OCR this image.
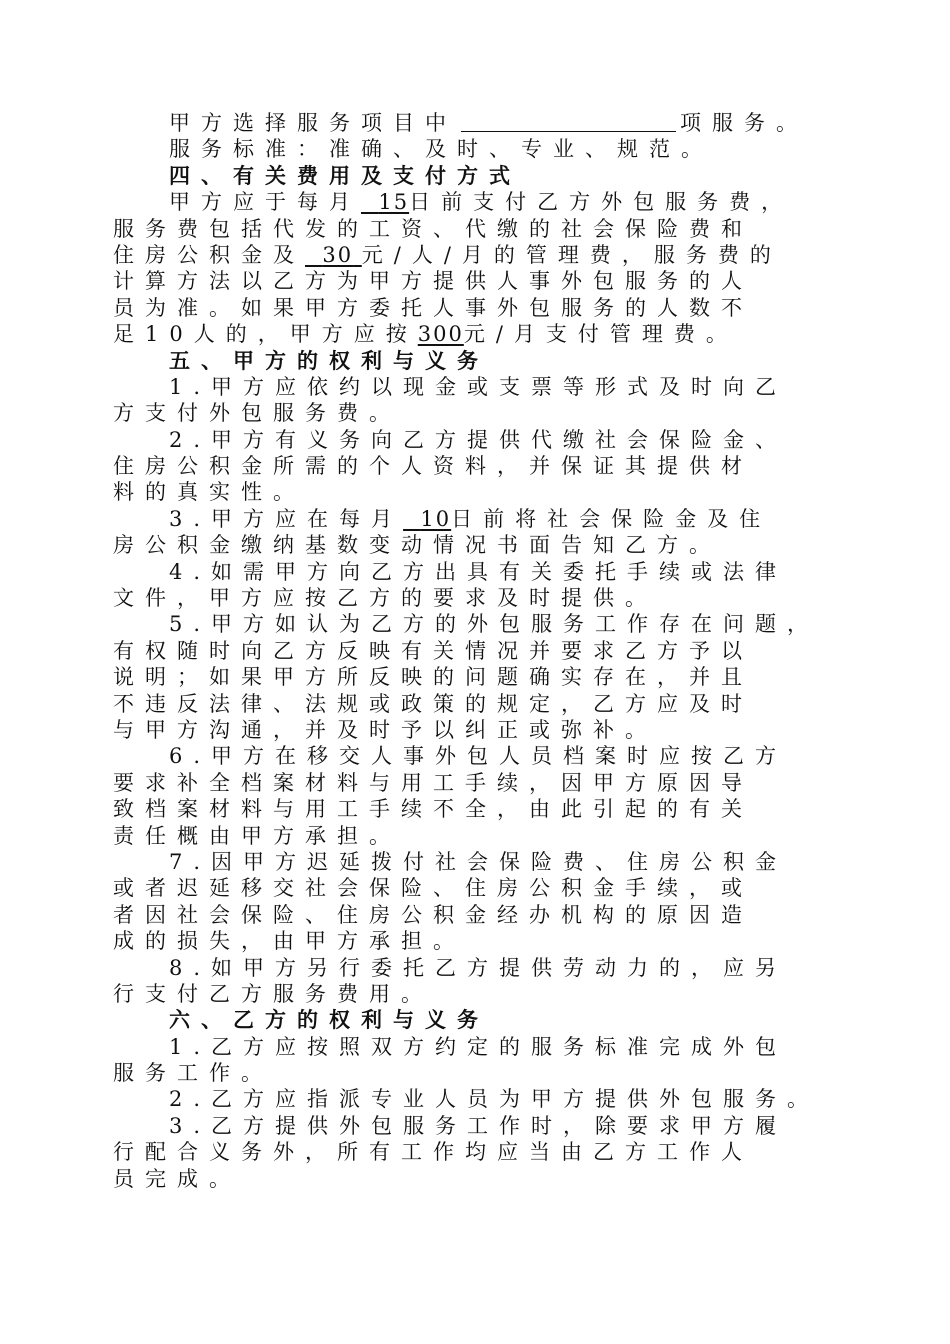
甲方选择服务项目中	项服务。
服务标准：准确、及时、专业、规范。
四、有关费用及支付方式
甲方应于每月 15日前支付乙方外包服务费，
服务费包括代发的工资、代缴的社会保险费和
住房公积金及 30 元/人/月的管理费，服务费的
计算方法以乙方为甲方提供人事外包服务的人
员为准。如果甲方委托人事外包服务的人数不
足10人的，甲方应按300元/月支付管理费。
五、甲方的权利与义务
1.甲方应依约以现金或支票等形式及时向乙
方支付外包服务费。
2.甲方有义务向乙方提供代缴社会保险金、
住房公积金所需的个人资料，并保证其提供材
料的真实性。
3.甲方应在每月 10日前将社会保险金及住
房公积金缴纳基数变动情况书面告知乙方。
4.如需甲方向乙方出具有关委托手续或法律
文件，甲方应按乙方的要求及时提供。
5.甲方如认为乙方的外包服务工作存在问题，
有权随时向乙方反映有关情况并要求乙方予以
说明；如果甲方所反映的问题确实存在，并且
不违反法律、法规或政策的规定，乙方应及时
与甲方沟通，并及时予以纠正或弥补。
6.甲方在移交人事外包人员档案时应按乙方
要求补全档案材料与用工手续，因甲方原因导
致档案材料与用工手续不全，由此引起的有关
责任概由甲方承担。
7.因甲方迟延拨付社会保险费、住房公积金
或者迟延移交社会保险、住房公积金手续，或
者因社会保险、住房公积金经办机构的原因造
成的损失，由甲方承担。
8.如甲方另行委托乙方提供劳动力的，应另
行支付乙方服务费用。
六、乙方的权利与义务
1.乙方应按照双方约定的服务标准完成外包
服务工作。
2.乙方应指派专业人员为甲方提供外包服务。
3.乙方提供外包服务工作时，除要求甲方履
行配合义务外，所有工作均应当由乙方工作人
员完成。
